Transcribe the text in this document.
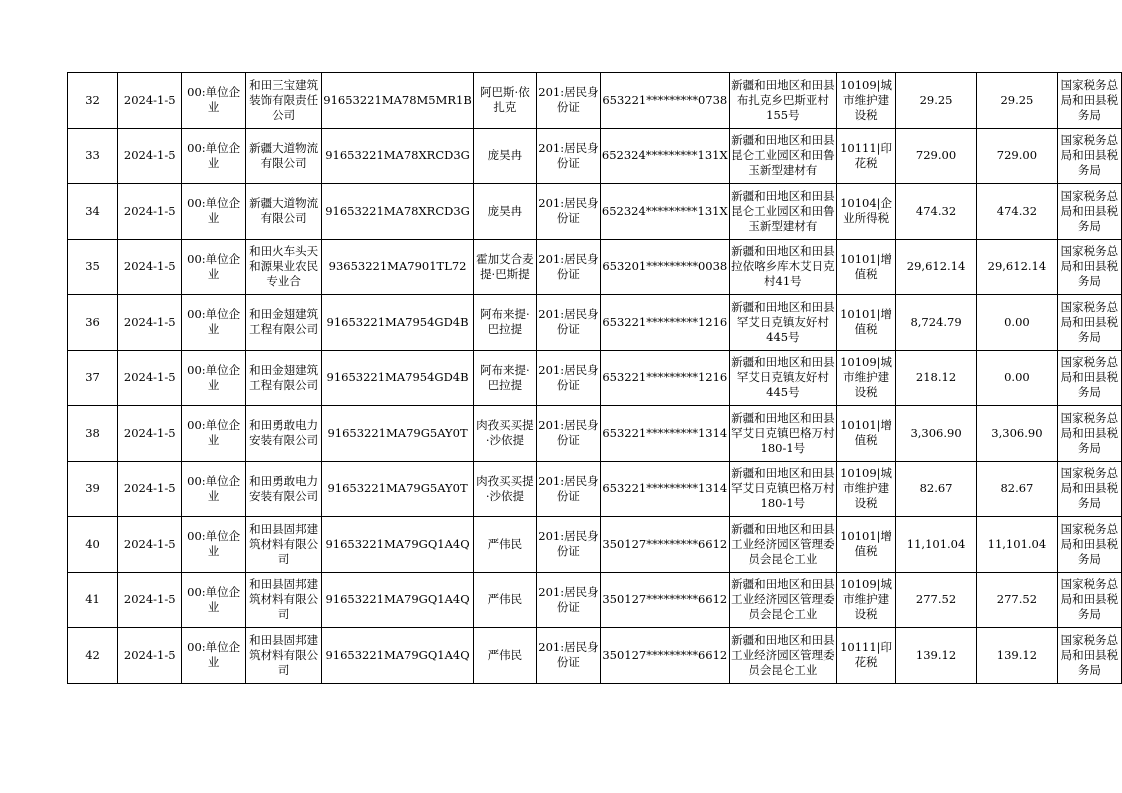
32	2024-1-5	00:单位企业	和田三宝建筑装饰有限责任公司	91653221MA78M5MR1B	阿巴斯·依扎克	201:居民身份证	653221*********0738	新疆和田地区和田县布扎克乡巴斯亚村155号	10109|城市维护建设税	29.25	29.25	国家税务总局和田县税务局

33	2024-1-5	00:单位企业	新疆大道物流有限公司	91653221MA78XRCD3G	庞昊冉	201:居民身份证	652324*********131X	新疆和田地区和田县昆仑工业园区和田鲁玉新型建材有	10111|印花税	729.00	729.00	国家税务总局和田县税务局

34	2024-1-5	00:单位企业	新疆大道物流有限公司	91653221MA78XRCD3G	庞昊冉	201:居民身份证	652324*********131X	新疆和田地区和田县昆仑工业园区和田鲁玉新型建材有	10104|企业所得税	474.32	474.32	国家税务总局和田县税务局

35	2024-1-5	00:单位企业	和田火车头天和源果业农民专业合	93653221MA7901TL72	霍加艾合麦提·巴斯提	201:居民身份证	653201*********0038	新疆和田地区和田县拉依喀乡库木艾日克村41号	10101|增值税	29,612.14	29,612.14	国家税务总局和田县税务局

36	2024-1-5	00:单位企业	和田金翅建筑工程有限公司	91653221MA7954GD4B	阿布来提·巴拉提	201:居民身份证	653221*********1216	新疆和田地区和田县罕艾日克镇友好村445号	10101|增值税	8,724.79	0.00	国家税务总局和田县税务局

37	2024-1-5	00:单位企业	和田金翅建筑工程有限公司	91653221MA7954GD4B	阿布来提·巴拉提	201:居民身份证	653221*********1216	新疆和田地区和田县罕艾日克镇友好村445号	10109|城市维护建设税	218.12	0.00	国家税务总局和田县税务局

38	2024-1-5	00:单位企业	和田勇敢电力安装有限公司	91653221MA79G5AY0T	肉孜买买提·沙依提	201:居民身份证	653221*********1314	新疆和田地区和田县罕艾日克镇巴格万村180-1号	10101|增值税	3,306.90	3,306.90	国家税务总局和田县税务局

39	2024-1-5	00:单位企业	和田勇敢电力安装有限公司	91653221MA79G5AY0T	肉孜买买提·沙依提	201:居民身份证	653221*********1314	新疆和田地区和田县罕艾日克镇巴格万村180-1号	10109|城市维护建设税	82.67	82.67	国家税务总局和田县税务局

40	2024-1-5	00:单位企业	和田县固邦建筑材料有限公司	91653221MA79GQ1A4Q	严伟民	201:居民身份证	350127*********6612	新疆和田地区和田县工业经济园区管理委员会昆仑工业	10101|增值税	11,101.04	11,101.04	国家税务总局和田县税务局

41	2024-1-5	00:单位企业	和田县固邦建筑材料有限公司	91653221MA79GQ1A4Q	严伟民	201:居民身份证	350127*********6612	新疆和田地区和田县工业经济园区管理委员会昆仑工业	10109|城市维护建设税	277.52	277.52	国家税务总局和田县税务局

42	2024-1-5	00:单位企业	和田县固邦建筑材料有限公司	91653221MA79GQ1A4Q	严伟民	201:居民身份证	350127*********6612	新疆和田地区和田县工业经济园区管理委员会昆仑工业	10111|印花税	139.12	139.12	国家税务总局和田县税务局
